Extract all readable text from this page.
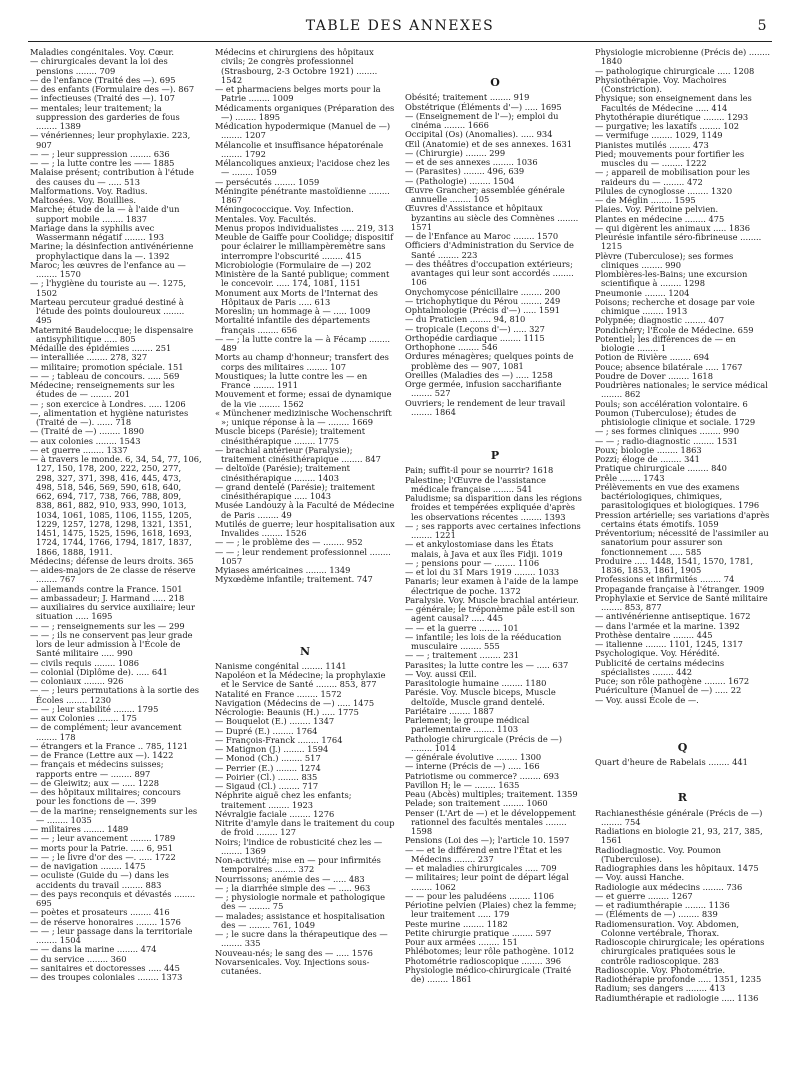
TABLE DES ANNEXES	5

Maladies congénitales. Voy. Cœur.

— chirurgicales devant la loi des pensions ........ 709

— de l'enfance (Traité des —). 695

— des enfants (Formulaire des —). 867

— infectieuses (Traité des —). 107

— mentales; leur traitement; la suppression des garderies de fous ........ 1389

— vénériennes; leur prophylaxie. 223, 907

— — ; leur suppression ........ 636

— — ; la lutte contre les —— 1885

Malaise présent; contribution à l'étude des causes du — ..... 513

Malformations. Voy. Radius.

Maltosées. Voy. Bouillies.

Marche; étude de la — à l'aide d'un support mobile ........ 1837

Mariage dans la syphilis avec Wassermann négatif ........ 193

Marine; la désinfection antivénérienne prophylactique dans la —. 1392

Maroc; les œuvres de l'enfance au — ........ 1570

— ; l'hygiène du touriste au —. 1275, 1502

Marteau percuteur gradué destiné à l'étude des points douloureux ........ 495

Maternité Baudelocque; le dispensaire antisyphilitique ..... 805

Médaille des épidémies ........ 251

— interalliée ........ 278, 327

— militaire; promotion spéciale. 151

— — ; tableau de concours. ..... 569

Médecine; renseignements sur les études de — ........ 201

— ; son exercice à Londres. ..... 1206

—, alimentation et hygiène naturistes (Traité de —). ...... 718

— (Traité de —) ........ 1890

— aux colonies ........ 1543

— et guerre ........ 1337

— à travers le monde. 6, 34, 54, 77, 106, 127, 150, 178, 200, 222, 250, 277, 298, 327, 371, 398, 416, 445, 473, 498, 518, 546, 569, 590, 618, 640, 662, 694, 717, 738, 766, 788, 809, 838, 861, 882, 910, 933, 990, 1013, 1034, 1061, 1085, 1106, 1155, 1205, 1229, 1257, 1278, 1298, 1321, 1351, 1451, 1475, 1525, 1596, 1618, 1693, 1724, 1744, 1766, 1794, 1817, 1837, 1866, 1888, 1911.

Médecins; défense de leurs droits. 365

— aides-majors de 2e classe de réserve ........ 767

— allemands contre la France. 1501

— ambassadeur; J. Harmand ..... 218

— auxiliaires du service auxiliaire; leur situation ..... 1695

— — ; renseignements sur les — 299

— — ; ils ne conservent pas leur grade lors de leur admission à l'École de Santé militaire ..... 990

— civils requis ........ 1086

— colonial (Diplôme de). ..... 641

— coloniaux ........ 926

— — ; leurs permutations à la sortie des Écoles ........ 1230

— — ; leur stabilité ........ 1795

— aux Colonies ........ 175

— de complément; leur avancement ........ 178

— étrangers et la France .. 785, 1121

— de France (Lettre aux —). 1422

— français et médecins suisses; rapports entre — ........ 897

— de Gleiwitz; aux — ..... 1228

— des hôpitaux militaires; concours pour les fonctions de —. 399

— de la marine; renseignements sur les — ........ 1035

— militaires ........ 1489

— — ; leur avancement ........ 1789

— morts pour la Patrie. ..... 6, 951

— — ; le livre d'or des —. ..... 1722

— de navigation ........ 1475

— oculiste (Guide du —) dans les accidents du travail ........ 883

— des pays reconquis et dévastés ........ 695

— poètes et prosateurs ........ 416

— de réserve honoraires ........ 1576

— — ; leur passage dans la territoriale ........ 1504

— — dans la marine ........ 474

— du service ........ 360

— sanitaires et doctoresses ..... 445

— des troupes coloniales ........ 1373

Médecins et chirurgiens des hôpitaux civils; 2e congrès professionnel (Strasbourg, 2-3 Octobre 1921) ........ 1542

— et pharmaciens belges morts pour la Patrie ........ 1009

Médicaments organiques (Préparation des —) ........ 1895

Médication hypodermique (Manuel de —) ........ 1207

Mélancolie et insuffisance hépatorénale ........ 1792

Mélancoliques anxieux; l'acidose chez les — ........ 1059

— persécutés ........ 1059

Méningite pénétrante mastoïdienne ........ 1867

Méningococcique. Voy. Infection.

Mentales. Voy. Facultés.

Menus propos individualistes ..... 219, 313

Meuble de Gaiffe pour Coolidge; dispositif pour éclairer le milliampèremètre sans interrompre l'obscurité ........ 415

Microbiologie (Formulaire de —) 202

Ministère de la Santé publique; comment le concevoir. ..... 174, 1081, 1151

Monument aux Morts de l'Internat des Hôpitaux de Paris ..... 613

Moreslin; un hommage à — ..... 1009

Mortalité infantile des départements français ........ 656

— — ; la lutte contre la — à Fécamp ........ 489

Morts au champ d'honneur; transfert des corps des militaires ........ 107

Moustiques; la lutte contre les — en France ........ 1911

Mouvement et forme; essai de dynamique de la vie ........ 1562

« Münchener medizinische Wochenschrift »; unique réponse à la — ........ 1669

Muscle biceps (Parésie); traitement cinésithérapique ........ 1775

— brachial antérieur (Paralysie); traitement cinésithérapique ........ 847

— deltoïde (Parésie); traitement cinésithérapique ........ 1403

— grand dentelé (Parésie); traitement cinésithérapique ..... 1043

Musée Landouzy à la Faculté de Médecine de Paris ........ 49

Mutilés de guerre; leur hospitalisation aux Invalides ........ 1526

— — ; le problème des — ........ 952

— — ; leur rendement professionnel ........ 1057

Myiases américaines ........ 1349

Myxœdème infantile; traitement. 747

N

Nanisme congénital ........ 1141

Napoléon et la Médecine; la prophylaxie et le Service de Santé ........ 853, 877

Natalité en France ........ 1572

Navigation (Médecins de —) ..... 1475

Nécrologie: Beaunis (H.) ..... 1775

— Bouquelot (E.) ........ 1347

— Dupré (E.) ........ 1764

— François-Franck ........ 1764

— Matignon (J.) ........ 1594

— Monod (Ch.) ........ 517

— Perrier (E.) ........ 1274

— Poirier (Cl.) ........ 835

— Sigaud (Cl.) ........ 717

Néphrite aiguë chez les enfants; traitement ........ 1923

Névralgie faciale ........ 1276

Nitrite d'amyle dans le traitement du coup de froid ........ 127

Noirs; l'indice de robusticité chez les — ........ 1369

Non-activité; mise en — pour infirmités temporaires ........ 372

Nourrissons; anémie des — ..... 483

— ; la diarrhée simple des — ..... 963

— ; physiologie normale et pathologique des — ........ 75

— malades; assistance et hospitalisation des — ........ 761, 1049

— ; le sucre dans la thérapeutique des — ........ 335

Nouveau-nés; le sang des — ..... 1576

Novarsenicales. Voy. Injections sous-cutanées.

O

Obésité; traitement ........ 919

Obstétrique (Éléments d'—) ..... 1695

— (Enseignement de l'—); emploi du cinéma ........ 1666

Occipital (Os) (Anomalies). ..... 934

Œil (Anatomie) et de ses annexes. 1631

— (Chirurgie) ........ 299

— et de ses annexes ........ 1036

— (Parasites) ........ 496, 639

— (Pathologie) ........ 1504

Œuvre Grancher; assemblée générale annuelle ........ 105

Œuvres d'Assistance et hôpitaux byzantins au siècle des Comnènes ........ 1571

— de l'Enfance au Maroc ........ 1570

Officiers d'Administration du Service de Santé ........ 223

— des théâtres d'occupation extérieurs; avantages qui leur sont accordés ........ 106

Onychomycose pénicillaire ........ 200

— trichophytique du Pérou ........ 249

Ophtalmologie (Précis d'—) ..... 1591

— du Praticien ........ 94, 810

— tropicale (Leçons d'—) ..... 327

Orthopédie cardiaque ........ 1115

Orthophone ........ 546

Ordures ménagères; quelques points de problème des — 907, 1081

Oreilles (Maladies des —) ..... 1258

Orge germée, infusion saccharifiante ........ 527

Ouvriers; le rendement de leur travail ........ 1864

P

Pain; suffit-il pour se nourrir? 1618

Palestine; l'Œuvre de l'assistance médicale française ........ 541

Paludisme; sa disparition dans les régions froides et tempérées expliquée d'après les observations récentes ........ 1393

— ; ses rapports avec certaines infections ........ 1221

— et ankylostomiase dans les États malais, à Java et aux îles Fidji. 1019

— ; pensions pour — ........ 1106

— et loi du 31 Mars 1919 ........ 1033

Panaris; leur examen à l'aide de la lampe électrique de poche. 1372

Paralysie. Voy. Muscle brachial antérieur.

— générale; le tréponème pâle est-il son agent causal? ..... 445

— — et la guerre ........ 101

— infantile; les lois de la rééducation musculaire ........ 555

— — ; traitement ........ 231

Parasites; la lutte contre les — ..... 637

— Voy. aussi Œil.

Parasitologie humaine ........ 1180

Parésie. Voy. Muscle biceps, Muscle deltoïde, Muscle grand dentelé.

Pariétaire ........ 1887

Parlement; le groupe médical parlementaire ........ 1103

Pathologie chirurgicale (Précis de —) ........ 1014

— générale évolutive ........ 1300

— interne (Précis de —) ..... 166

Patriotisme ou commerce? ........ 693

Pavillon H; le — ........ 1635

Peau (Abcès) multiples; traitement. 1359

Pelade; son traitement ........ 1060

Penser (L'Art de —) et le développement rationnel des facultés mentales ........ 1598

Pensions (Loi des —); l'article 10. 1597

— — et le différend entre l'État et les Médecins ........ 237

— et maladies chirurgicales ..... 709

— militaires; leur point de départ légal ........ 1062

— — pour les paludéens ........ 1106

Périotine pelvien (Plaies) chez la femme; leur traitement ..... 179

Peste murine ........ 1182

Petite chirurgie pratique ........ 597

Pour aux armées ........ 151

Phlébotomes; leur rôle pathogène. 1012

Photométrie radioscopique ........ 396

Physiologie médico-chirurgicale (Traité de) ........ 1861

Physiologie microbienne (Précis de) ........ 1840

— pathologique chirurgicale ..... 1208

Physiothérapie. Voy. Machoires (Constriction).

Physique; son enseignement dans les Facultés de Médecine ..... 414

Phytothérapie diurétique ........ 1293

— purgative; les laxatifs ........ 102

— vermifuge ........ 1029, 1149

Pianistes mutilés ........ 473

Pied; mouvements pour fortifier les muscles du — ........ 1222

— ; appareil de mobilisation pour les raideurs du — ........ 472

Pilules de cynoglosse ........ 1320

— de Méglin ........ 1595

Plaies. Voy. Péritoine pelvien.

Plantes en médecine ........ 475

— qui digèrent les animaux ..... 1836

Pleurésie infantile séro-fibrineuse ........ 1215

Plèvre (Tuberculose); ses formes cliniques ........ 990

Plombières-les-Bains; une excursion scientifique à ........ 1298

Pneumonie ........ 1204

Poisons; recherche et dosage par voie chimique ........ 1913

Polypnée; diagnostic ........ 407

Pondichéry; l'École de Médecine. 659

Potentiel; les différences de — en biologie ........ 1

Potion de Rivière ........ 694

Pouce; absence bilatérale ..... 1767

Poudre de Dover ........ 1618

Poudrières nationales; le service médical ........ 862

Pouls; son accélération volontaire. 6

Poumon (Tuberculose); études de phtisiologie clinique et sociale. 1729

— ; ses formes cliniques ........ 990

— — ; radio-diagnostic ........ 1531

Poux; biologie ........ 1863

Pozzi; éloge de ........ 341

Pratique chirurgicale ........ 840

Prêle ........ 1743

Prélèvements en vue des examens bactériologiques, chimiques, parasitologiques et biologiques. 1796

Pression artérielle; ses variations d'après certains états émotifs. 1059

Préventorium; nécessité de l'assimiler au sanatorium pour assurer son fonctionnement ..... 585

Produire ..... 1448, 1541, 1570, 1781, 1836, 1853, 1861, 1905

Professions et infirmités ........ 74

Propagande française à l'étranger. 1909

Prophylaxie et Service de Santé militaire ........ 853, 877

— antivénérienne antiseptique. 1672

— dans l'armée et la marine. 1392

Prothèse dentaire ........ 445

— italienne ........ 1101, 1245, 1317

Psychologique. Voy. Hérédité.

Publicité de certains médecins spécialistes ........ 442

Puce; son rôle pathogène ........ 1672

Puériculture (Manuel de —) ..... 22

— Voy. aussi École de —.

Q

Quart d'heure de Rabelais ........ 441

R

Rachianesthésie générale (Précis de —) ........ 754

Radiations en biologie 21, 93, 217, 385, 1561

Radiodiagnostic. Voy. Poumon (Tuberculose).

Radiographies dans les hôpitaux. 1475

— Voy. aussi Hanche.

Radiologie aux médecins ........ 736

— et guerre ........ 1267

— et radiumthérapie ........ 1136

— (Éléments de —) ........ 839

Radiomensuration. Voy. Abdomen, Colonne vertébrale, Thorax.

Radioscopie chirurgicale; les opérations chirurgicales pratiquées sous le contrôle radioscopique. 283

Radioscopie. Voy. Photométrie.

Radiothérapie profonde ..... 1351, 1235

Radium; ses dangers ........ 413

Radiumthérapie et radiologie ..... 1136
